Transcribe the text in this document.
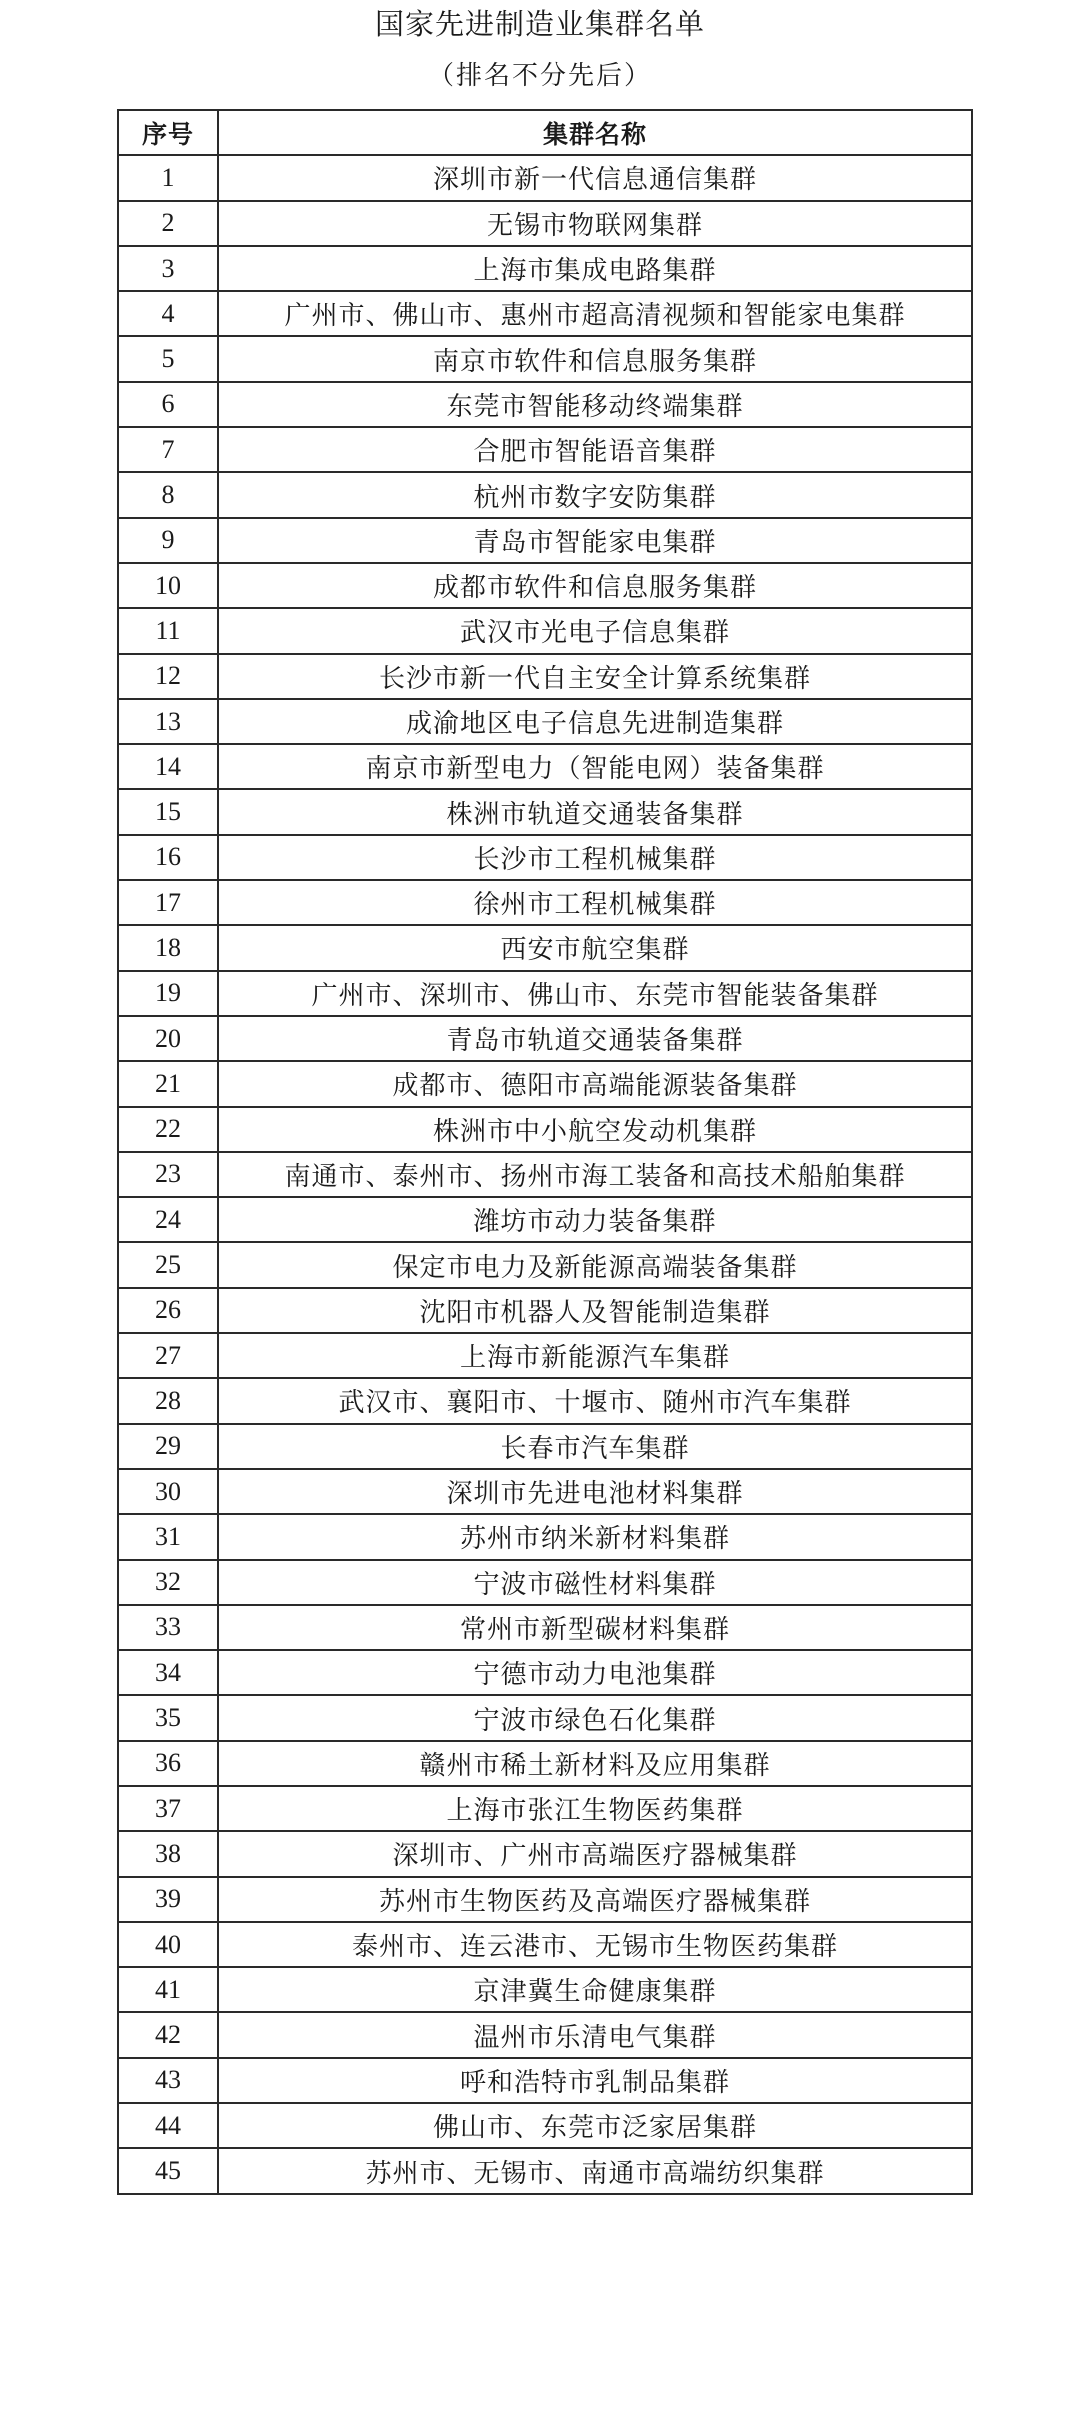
国家先进制造业集群名单

（排名不分先后）

序号	集群名称
1	深圳市新一代信息通信集群
2	无锡市物联网集群
3	上海市集成电路集群
4	广州市、佛山市、惠州市超高清视频和智能家电集群
5	南京市软件和信息服务集群
6	东莞市智能移动终端集群
7	合肥市智能语音集群
8	杭州市数字安防集群
9	青岛市智能家电集群
10	成都市软件和信息服务集群
11	武汉市光电子信息集群
12	长沙市新一代自主安全计算系统集群
13	成渝地区电子信息先进制造集群
14	南京市新型电力（智能电网）装备集群
15	株洲市轨道交通装备集群
16	长沙市工程机械集群
17	徐州市工程机械集群
18	西安市航空集群
19	广州市、深圳市、佛山市、东莞市智能装备集群
20	青岛市轨道交通装备集群
21	成都市、德阳市高端能源装备集群
22	株洲市中小航空发动机集群
23	南通市、泰州市、扬州市海工装备和高技术船舶集群
24	潍坊市动力装备集群
25	保定市电力及新能源高端装备集群
26	沈阳市机器人及智能制造集群
27	上海市新能源汽车集群
28	武汉市、襄阳市、十堰市、随州市汽车集群
29	长春市汽车集群
30	深圳市先进电池材料集群
31	苏州市纳米新材料集群
32	宁波市磁性材料集群
33	常州市新型碳材料集群
34	宁德市动力电池集群
35	宁波市绿色石化集群
36	赣州市稀土新材料及应用集群
37	上海市张江生物医药集群
38	深圳市、广州市高端医疗器械集群
39	苏州市生物医药及高端医疗器械集群
40	泰州市、连云港市、无锡市生物医药集群
41	京津冀生命健康集群
42	温州市乐清电气集群
43	呼和浩特市乳制品集群
44	佛山市、东莞市泛家居集群
45	苏州市、无锡市、南通市高端纺织集群
